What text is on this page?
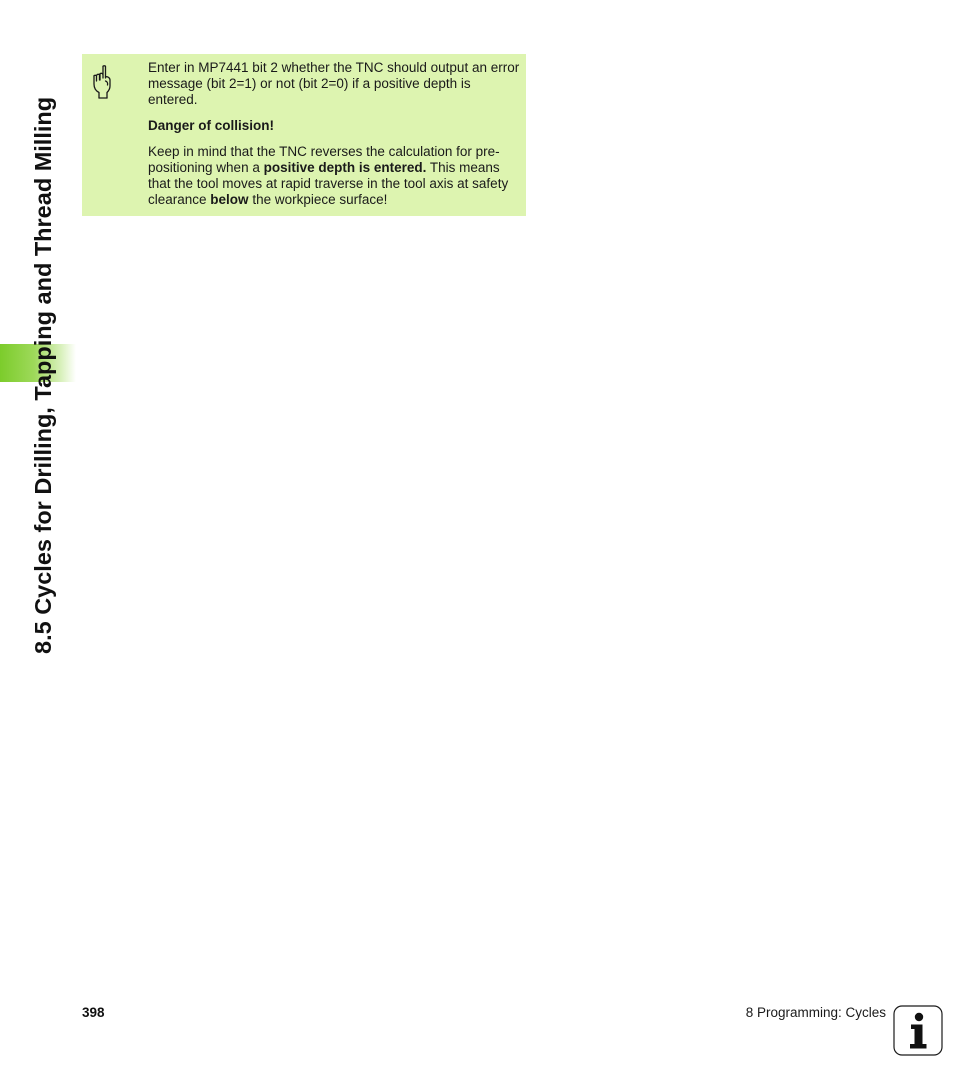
8.5 Cycles for Drilling, Tapping and Thread Milling

Enter in MP7441 bit 2 whether the TNC should output an error message (bit 2=1) or not (bit 2=0) if a positive depth is entered.

Danger of collision!

Keep in mind that the TNC reverses the calculation for pre-positioning when a positive depth is entered. This means that the tool moves at rapid traverse in the tool axis at safety clearance below the workpiece surface!

398	8 Programming: Cycles
